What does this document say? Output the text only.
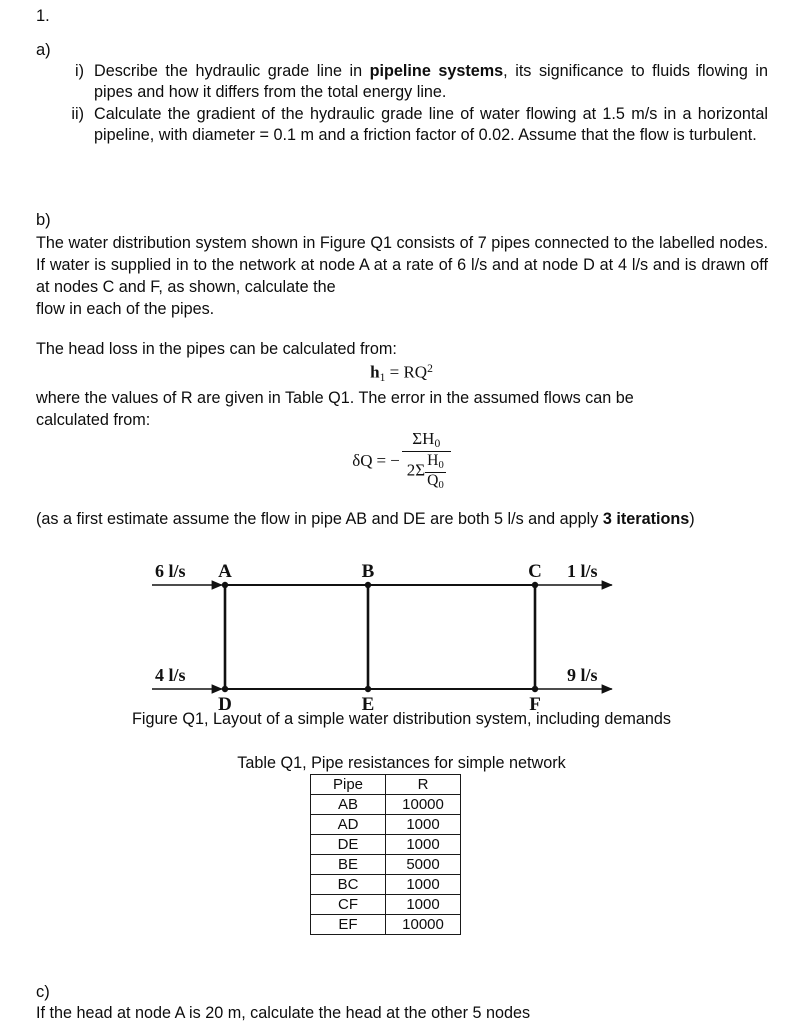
1.
a)
i) Describe the hydraulic grade line in pipeline systems, its significance to fluids flowing in pipes and how it differs from the total energy line.
ii) Calculate the gradient of the hydraulic grade line of water flowing at 1.5 m/s in a horizontal pipeline, with diameter = 0.1 m and a friction factor of 0.02. Assume that the flow is turbulent.
b)
The water distribution system shown in Figure Q1 consists of 7 pipes connected to the labelled nodes. If water is supplied in to the network at node A at a rate of 6 l/s and at node D at 4 l/s and is drawn off at nodes C and F, as shown, calculate the
flow in each of the pipes.
The head loss in the pipes can be calculated from:
$h_1 = RQ^2$
where the values of R are given in Table Q1. The error in the assumed flows can be
calculated from:
δQ = − $\frac{\Sigma H_0}{2\Sigma \frac{H_0}{Q_0}}$
(as a first estimate assume the flow in pipe AB and DE are both 5 l/s and apply 3 iterations)
A	B	C
D	E	F
6 l/s	1 l/s
4 l/s	9 l/s
Figure Q1, Layout of a simple water distribution system, including demands
Table Q1, Pipe resistances for simple network
Pipe	R
AB	10000
AD	1000
DE	1000
BE	5000
BC	1000
CF	1000
EF	10000
c)
If the head at node A is 20 m, calculate the head at the other 5 nodes
